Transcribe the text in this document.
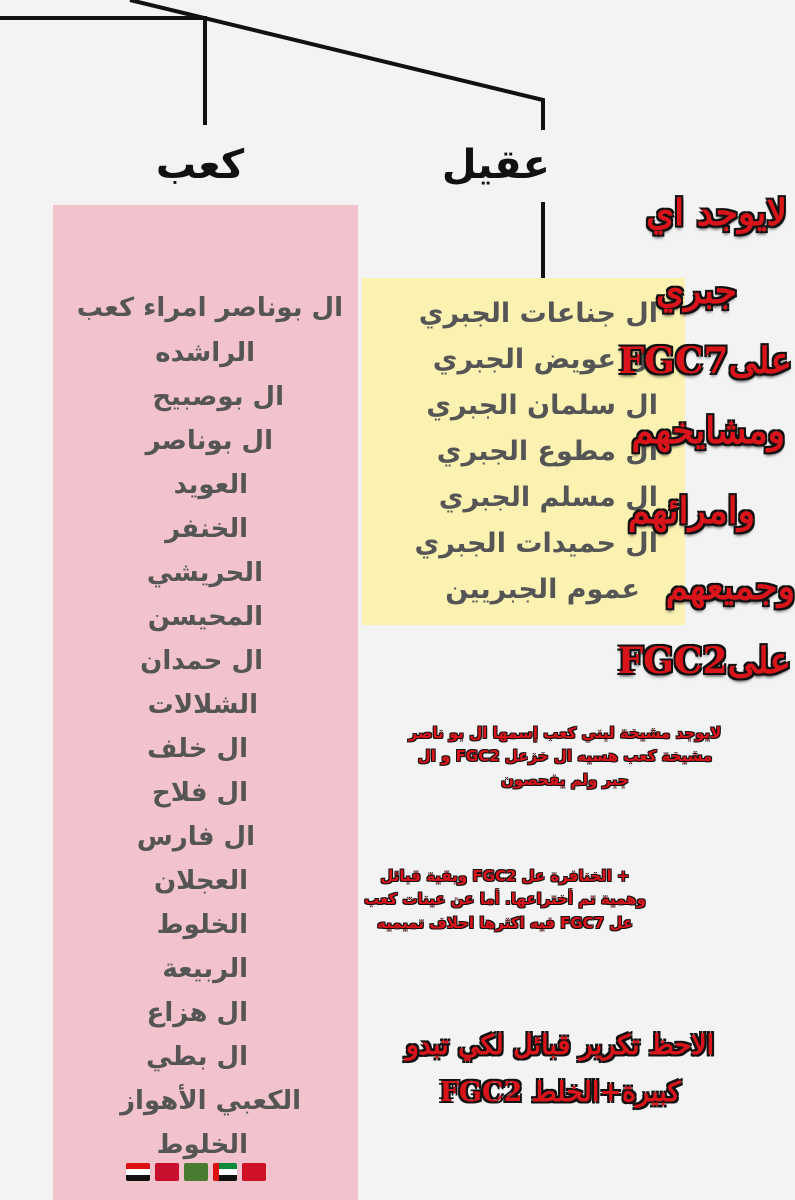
كعب	عقيل
ال بوناصر امراء كعب
الراشده
ال بوصبيح
ال بوناصر
العويد
الخنفر
الحريشي
المحيسن
ال حمدان
الشلالات
ال خلف
ال فلاح
ال فارس
العجلان
الخلوط
الربيعة
ال هزاع
ال بطي
الكعبي الأهواز
الخلوط
ال جناعات الجبري
ال عويض الجبري
ال سلمان الجبري
ال مطوع الجبري
ال مسلم الجبري
ال حميدات الجبري
عموم الجبريين
لايوجد اي
جبري
علىFGC7
ومشايخهم
وامرائهم
وجميعهم
علىFGC2
لايوجد مشيخة لبني كعب إسمها ال بو ناصر
مشيخة كعب هسيه ال خزعل FGC2 و ال
جبر ولم يفحصون
+ الخنافرة عل FGC2 وبقية قبائل
وهمية تم أختراعها. أما عن عينات كعب
عل FGC7 فيه اكثرها احلاف تميميه
الاحظ تكرير قبائل لكي تبدو
كبيرة+الخلط FGC2
